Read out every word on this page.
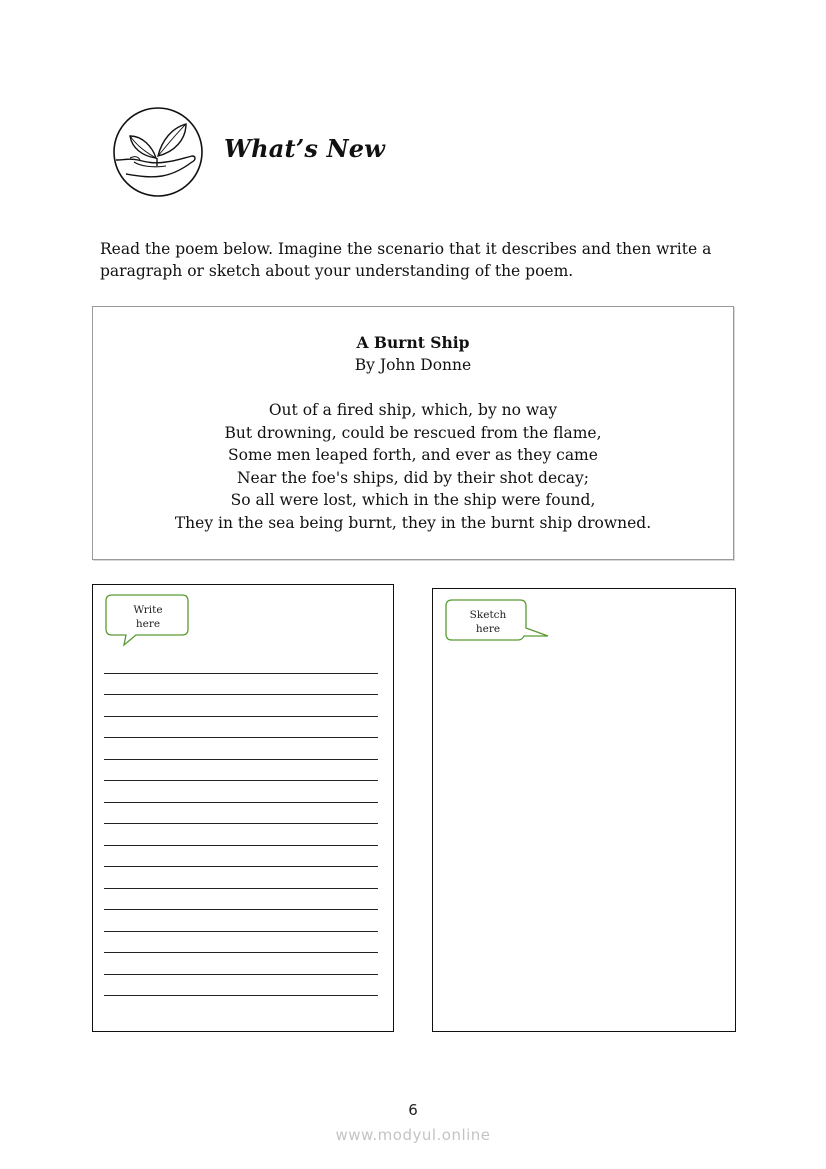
What’s New
Read the poem below. Imagine the scenario that it describes and then write a paragraph or sketch about your understanding of the poem.
A Burnt Ship
By John Donne
Out of a fired ship, which, by no way
But drowning, could be rescued from the flame,
Some men leaped forth, and ever as they came
Near the foe's ships, did by their shot decay;
So all were lost, which in the ship were found,
They in the sea being burnt, they in the burnt ship drowned.
Write
here
Sketch
here
6
www.modyul.online
